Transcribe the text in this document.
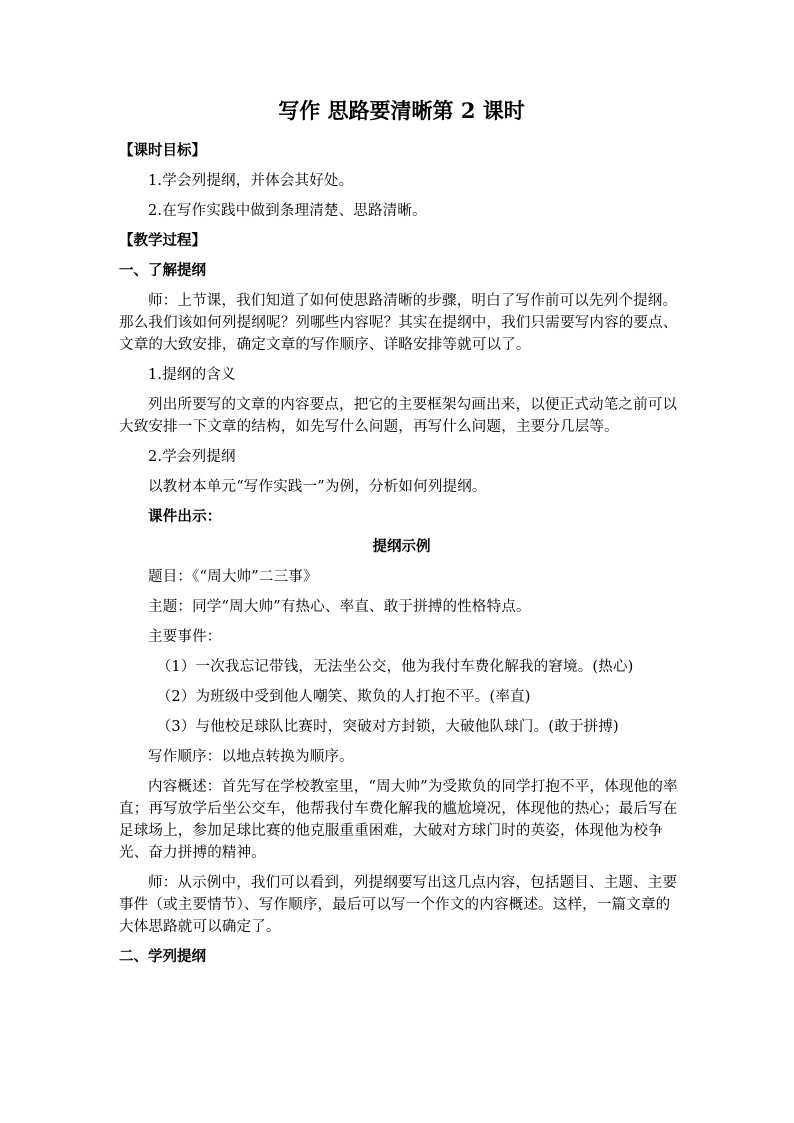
写作 思路要清晰第 2 课时
【课时目标】
1.学会列提纲，并体会其好处。
2.在写作实践中做到条理清楚、思路清晰。
【教学过程】
一、了解提纲
师：上节课，我们知道了如何使思路清晰的步骤，明白了写作前可以先列个提纲。那么我们该如何列提纲呢？列哪些内容呢？其实在提纲中，我们只需要写内容的要点、文章的大致安排，确定文章的写作顺序、详略安排等就可以了。
1.提纲的含义
列出所要写的文章的内容要点，把它的主要框架勾画出来，以便正式动笔之前可以大致安排一下文章的结构，如先写什么问题，再写什么问题，主要分几层等。
2.学会列提纲
以教材本单元“写作实践一”为例，分析如何列提纲。
课件出示：
提纲示例
题目：《“周大帅”二三事》
主题：同学“周大帅”有热心、率直、敢于拼搏的性格特点。
主要事件：
（1）一次我忘记带钱，无法坐公交，他为我付车费化解我的窘境。(热心)
（2）为班级中受到他人嘲笑、欺负的人打抱不平。(率直)
（3）与他校足球队比赛时，突破对方封锁，大破他队球门。(敢于拼搏)
写作顺序：以地点转换为顺序。
内容概述：首先写在学校教室里，“周大帅”为受欺负的同学打抱不平，体现他的率直；再写放学后坐公交车，他帮我付车费化解我的尴尬境况，体现他的热心；最后写在足球场上，参加足球比赛的他克服重重困难，大破对方球门时的英姿，体现他为校争光、奋力拼搏的精神。
师：从示例中，我们可以看到，列提纲要写出这几点内容，包括题目、主题、主要事件（或主要情节）、写作顺序，最后可以写一个作文的内容概述。这样，一篇文章的大体思路就可以确定了。
二、学列提纲
